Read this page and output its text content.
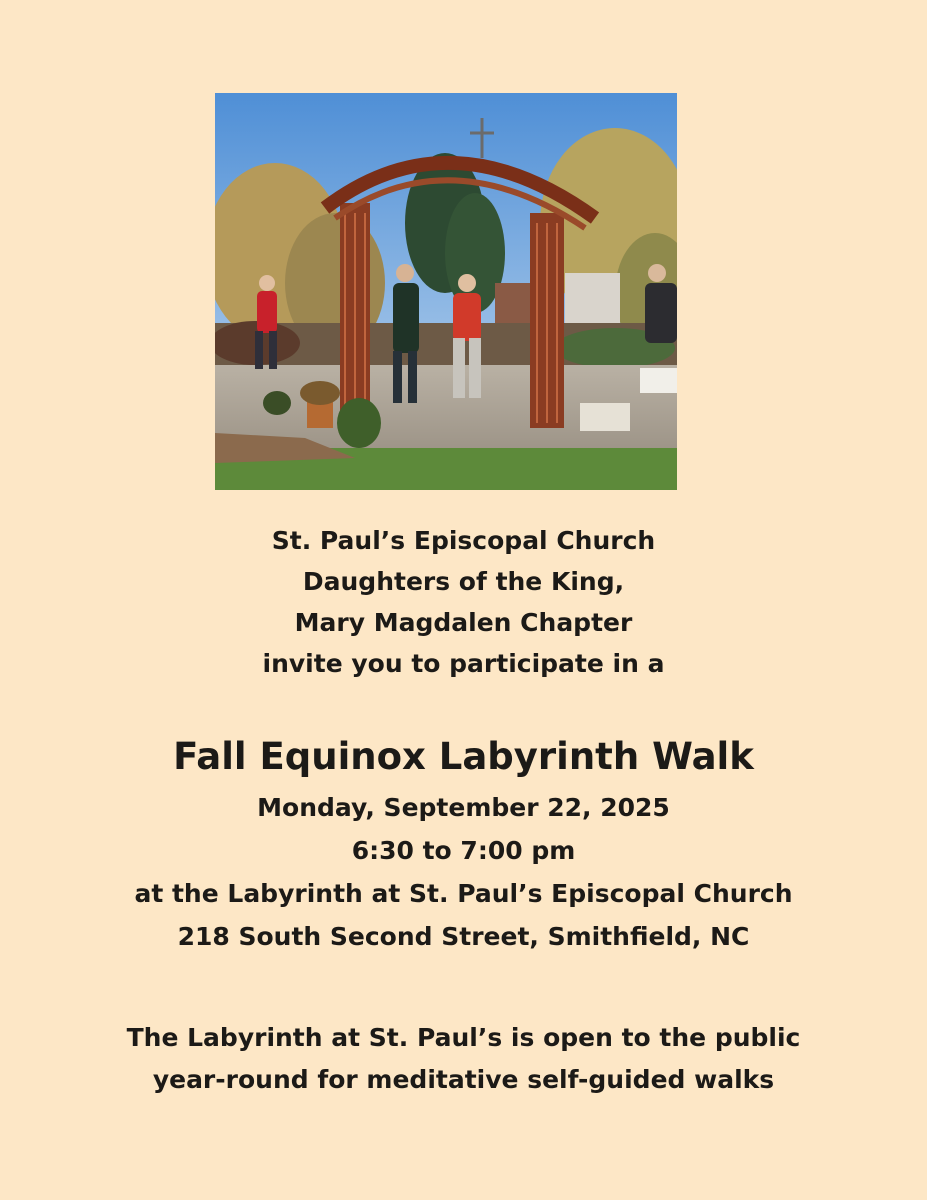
St. Paul’s Episcopal Church
Daughters of the King,
Mary Magdalen Chapter
invite you to participate in a
Fall Equinox Labyrinth Walk
Monday, September 22, 2025
6:30 to 7:00 pm
at the Labyrinth at St. Paul’s Episcopal Church
218 South Second Street, Smithfield, NC
The Labyrinth at St. Paul’s is open to the public
year-round for meditative self-guided walks
